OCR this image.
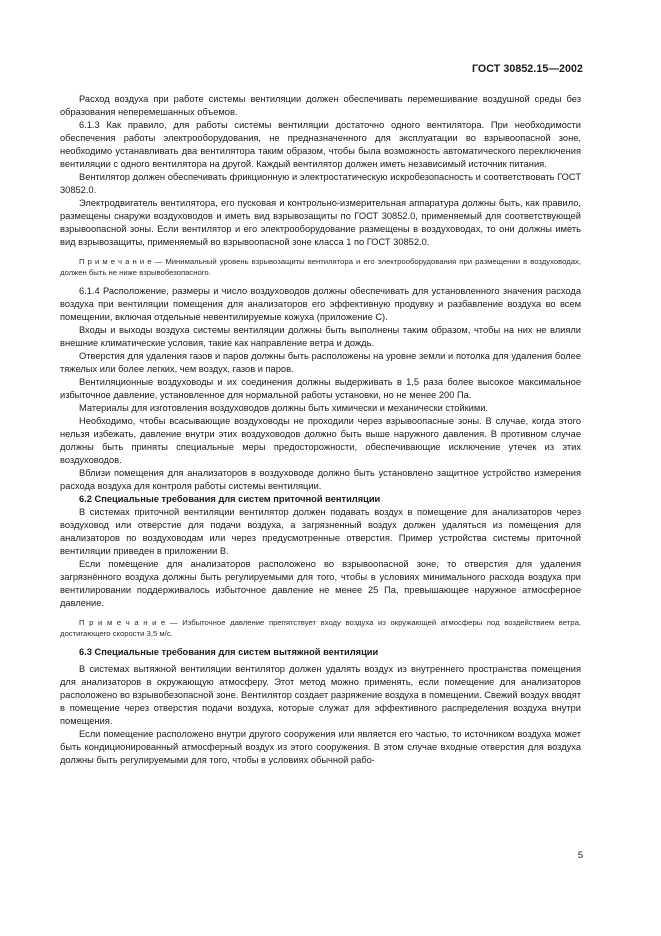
ГОСТ 30852.15—2002

Расход воздуха при работе системы вентиляции должен обеспечивать перемешивание воздушной среды без образования неперемешанных объемов.

6.1.3 Как правило, для работы системы вентиляции достаточно одного вентилятора. При необходимости обеспечения работы электрооборудования, не предназначенного для эксплуатации во взрывоопасной зоне, необходимо устанавливать два вентилятора таким образом, чтобы была возможность автоматического переключения вентиляции с одного вентилятора на другой. Каждый вентилятор должен иметь независимый источник питания.

Вентилятор должен обеспечивать фрикционную и электростатическую искробезопасность и соответствовать ГОСТ 30852.0.

Электродвигатель вентилятора, его пусковая и контрольно-измерительная аппаратура должны быть, как правило, размещены снаружи воздуховодов и иметь вид взрывозащиты по ГОСТ 30852.0, применяемый для соответствующей взрывоопасной зоны. Если вентилятор и его электрооборудование размещены в воздуховодах, то они должны иметь вид взрывозащиты, применяемый во взрывоопасной зоне класса 1 по ГОСТ 30852.0.

П р и м е ч а н и е — Минимальный уровень взрывозащиты вентилятора и его электрооборудования при размещении в воздуховодах, должен быть не ниже взрывобезопасного.

6.1.4 Расположение, размеры и число воздуховодов должны обеспечивать для установленного значения расхода воздуха при вентиляции помещения для анализаторов его эффективную продувку и разбавление воздуха во всем помещении, включая отдельные невентилируемые кожуха (приложение С).

Входы и выходы воздуха системы вентиляции должны быть выполнены таким образом, чтобы на них не влияли внешние климатические условия, такие как направление ветра и дождь.

Отверстия для удаления газов и паров должны быть расположены на уровне земли и потолка для удаления более тяжелых или более легких, чем воздух, газов и паров.

Вентиляционные воздуховоды и их соединения должны выдерживать в 1,5 раза более высокое максимальное избыточное давление, установленное для нормальной работы установки, но не менее 200 Па.

Материалы для изготовления воздуховодов должны быть химически и механически стойкими.

Необходимо, чтобы всасывающие воздуховоды не проходили через взрывоопасные зоны. В случае, когда этого нельзя избежать, давление внутри этих воздуховодов должно быть выше наружного давления. В противном случае должны быть приняты специальные меры предосторожности, обеспечивающие исключение утечек из этих воздуховодов.

Вблизи помещения для анализаторов в воздуховоде должно быть установлено защитное устройство измерения расхода воздуха для контроля работы системы вентиляции.

6.2 Специальные требования для систем приточной вентиляции

В системах приточной вентиляции вентилятор должен подавать воздух в помещение для анализаторов через воздуховод или отверстие для подачи воздуха, а загрязненный воздух должен удаляться из помещения для анализаторов по воздуховодам или через предусмотренные отверстия. Пример устройства системы приточной вентиляции приведен в приложении В.

Если помещение для анализаторов расположено во взрывоопасной зоне, то отверстия для удаления загрязнённого воздуха должны быть регулируемыми для того, чтобы в условиях минимального расхода воздуха при вентилировании поддерживалось избыточное давление не менее 25 Па, превышающее наружное атмосферное давление.

П р и м е ч а н и е — Избыточное давление препятствует входу воздуха из окружающей атмосферы под воздействием ветра, достигающего скорости 3,5 м/с.

6.3 Специальные требования для систем вытяжной вентиляции

В системах вытяжной вентиляции вентилятор должен удалять воздух из внутреннего пространства помещения для анализаторов в окружающую атмосферу. Этот метод можно применять, если помещение для анализаторов расположено во взрывобезопасной зоне. Вентилятор создает разряжение воздуха в помещении. Свежий воздух вводят в помещение через отверстия подачи воздуха, которые служат для эффективного распределения воздуха внутри помещения.

Если помещение расположено внутри другого сооружения или является его частью, то источником воздуха может быть кондиционированный атмосферный воздух из этого сооружения. В этом случае входные отверстия для воздуха должны быть регулируемыми для того, чтобы в условиях обычной рабо-

5
